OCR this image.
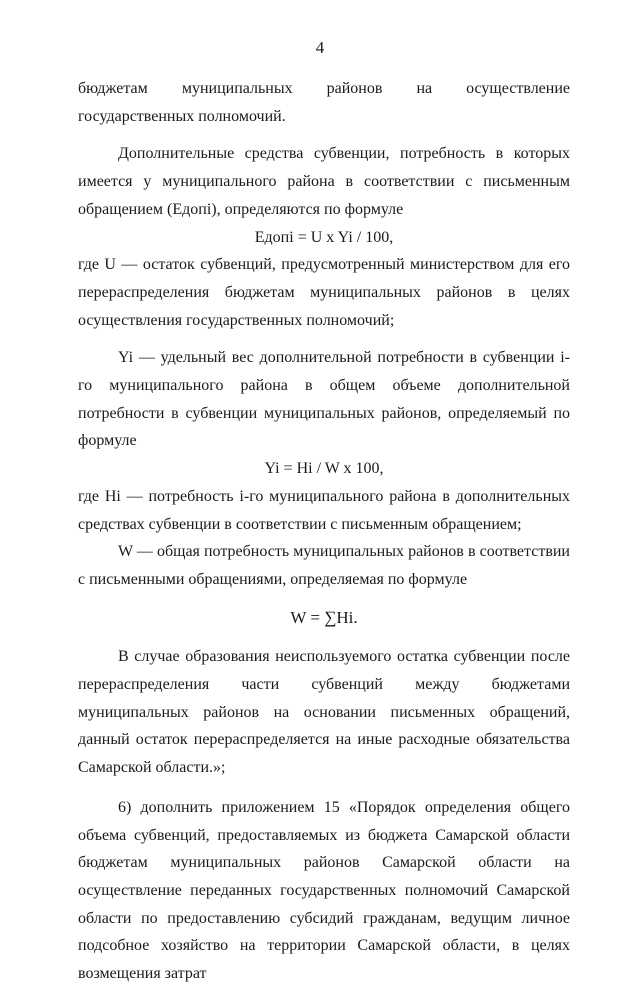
4

бюджетам муниципальных районов на осуществление государственных полномочий.

Дополнительные средства субвенции, потребность в которых имеется у муниципального района в соответствии с письменным обращением (Eдопi), определяются по формуле

Eдопi = U x Yi / 100,

где U — остаток субвенций, предусмотренный министерством для его перераспределения бюджетам муниципальных районов в целях осуществления государственных полномочий;

Yi — удельный вес дополнительной потребности в субвенции i-го муниципального района в общем объеме дополнительной потребности в субвенции муниципальных районов, определяемый по формуле

Yi = Hi / W x 100,

где Hi — потребность i-го муниципального района в дополнительных средствах субвенции в соответствии с письменным обращением;

W — общая потребность муниципальных районов в соответствии с письменными обращениями, определяемая по формуле

W = ∑Hi.

В случае образования неиспользуемого остатка субвенции после перераспределения части субвенций между бюджетами муниципальных районов на основании письменных обращений, данный остаток перераспределяется на иные расходные обязательства Самарской области.»;

6) дополнить приложением 15 «Порядок определения общего объема субвенций, предоставляемых из бюджета Самарской области бюджетам муниципальных районов Самарской области на осуществление переданных государственных полномочий Самарской области по предоставлению субсидий гражданам, ведущим личное подсобное хозяйство на территории Самарской области, в целях возмещения затрат
